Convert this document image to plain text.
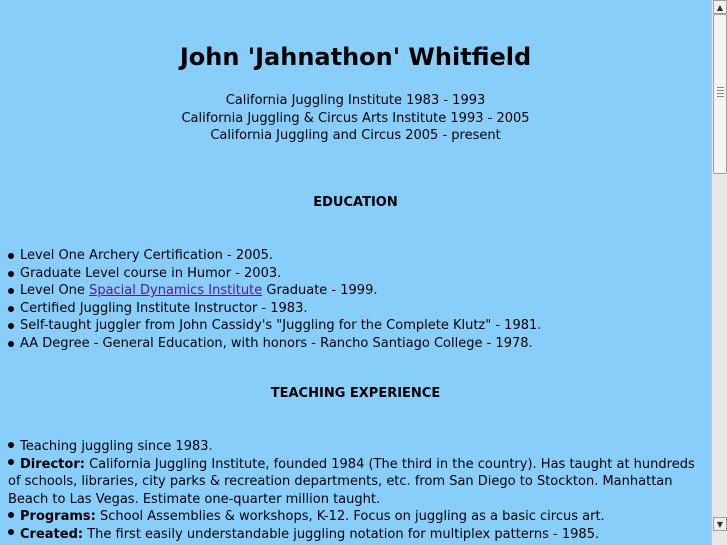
John 'Jahnathon' Whitfield
California Juggling Institute 1983 - 1993
California Juggling & Circus Arts Institute 1993 - 2005
California Juggling and Circus 2005 - present
EDUCATION
Level One Archery Certification - 2005.
Graduate Level course in Humor - 2003.
Level One Spacial Dynamics Institute Graduate - 1999.
Certified Juggling Institute Instructor - 1983.
Self-taught juggler from John Cassidy's "Juggling for the Complete Klutz" - 1981.
AA Degree - General Education, with honors - Rancho Santiago College - 1978.
TEACHING EXPERIENCE
Teaching juggling since 1983.
Director: California Juggling Institute, founded 1984 (The third in the country). Has taught at hundreds of schools, libraries, city parks & recreation departments, etc. from San Diego to Stockton. Manhattan Beach to Las Vegas. Estimate one-quarter million taught.
Programs: School Assemblies & workshops, K-12. Focus on juggling as a basic circus art.
Created: The first easily understandable juggling notation for multiplex patterns - 1985.
▲
▼
